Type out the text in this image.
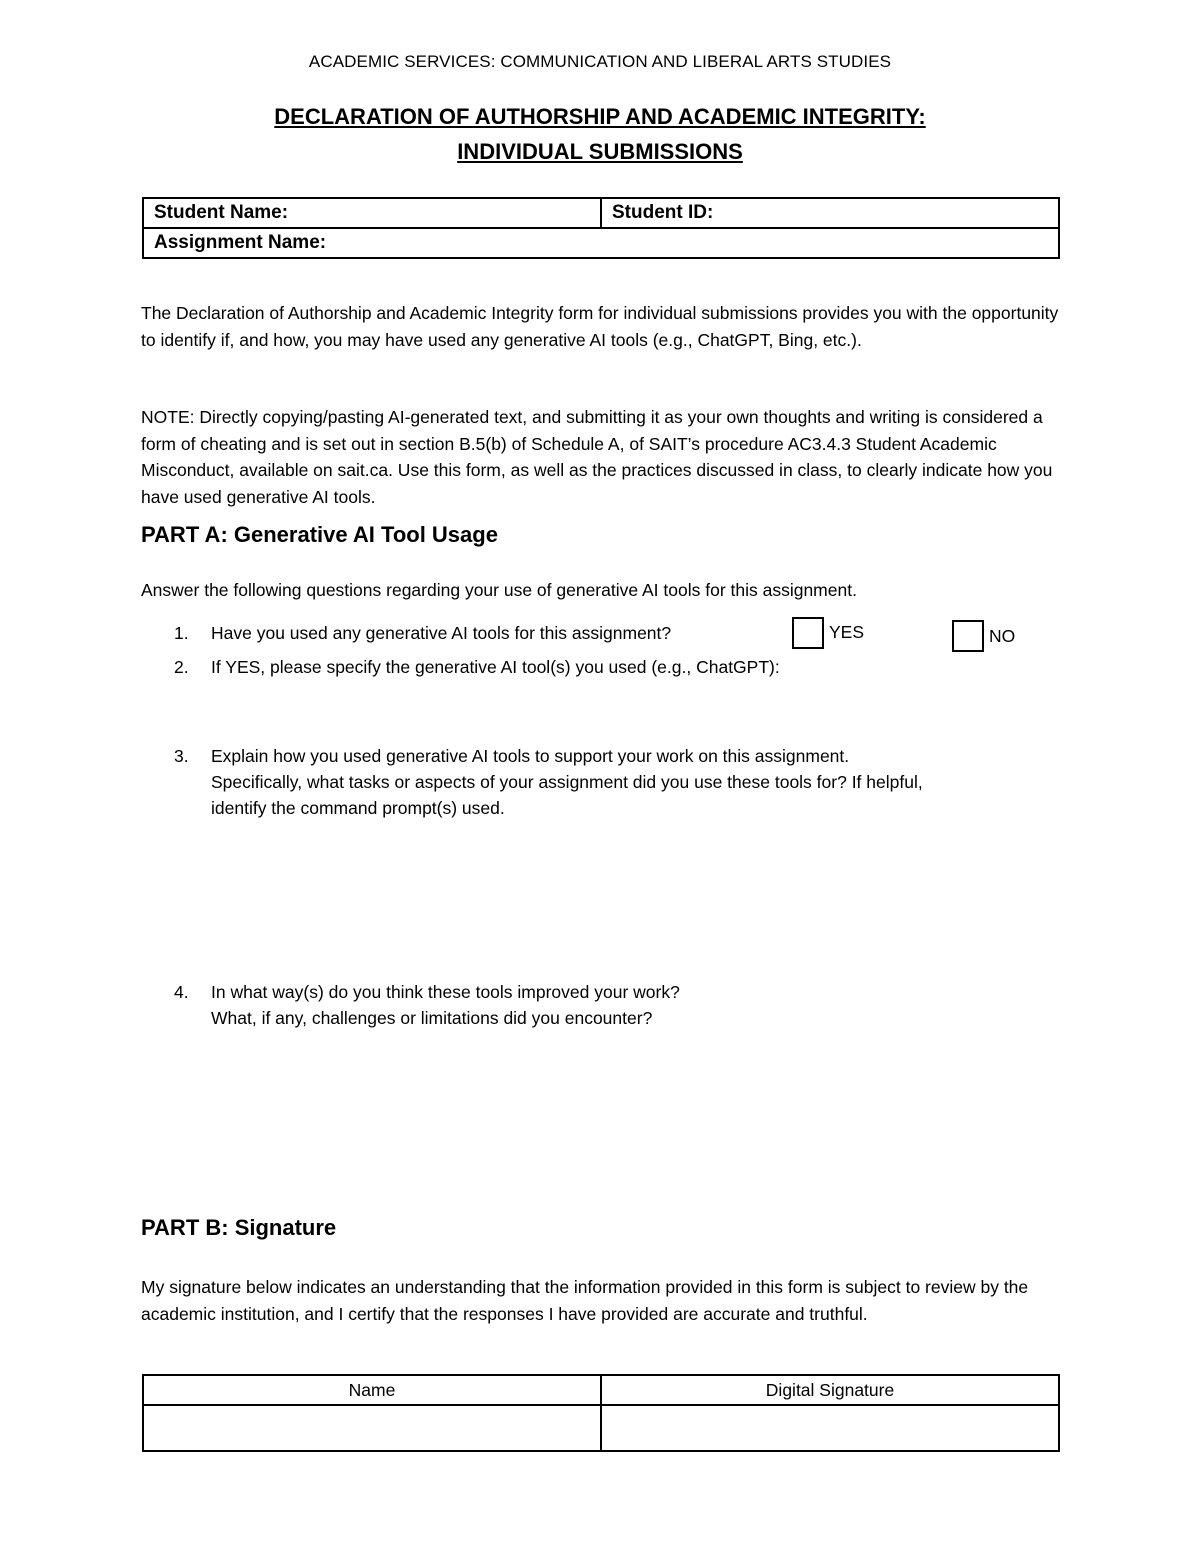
ACADEMIC SERVICES: COMMUNICATION AND LIBERAL ARTS STUDIES
DECLARATION OF AUTHORSHIP AND ACADEMIC INTEGRITY:
INDIVIDUAL SUBMISSIONS
Student Name:	Student ID:
Assignment Name:
The Declaration of Authorship and Academic Integrity form for individual submissions provides you with the opportunity to identify if, and how, you may have used any generative AI tools (e.g., ChatGPT, Bing, etc.).
NOTE: Directly copying/pasting AI-generated text, and submitting it as your own thoughts and writing is considered a form of cheating and is set out in section B.5(b) of Schedule A, of SAIT’s procedure AC3.4.3 Student Academic Misconduct, available on sait.ca. Use this form, as well as the practices discussed in class, to clearly indicate how you have used generative AI tools.
PART A: Generative AI Tool Usage
Answer the following questions regarding your use of generative AI tools for this assignment.
1.	Have you used any generative AI tools for this assignment?	YES	NO
2.	If YES, please specify the generative AI tool(s) you used (e.g., ChatGPT):
3.	Explain how you used generative AI tools to support your work on this assignment.
Specifically, what tasks or aspects of your assignment did you use these tools for? If helpful,
identify the command prompt(s) used.
4.	In what way(s) do you think these tools improved your work?
What, if any, challenges or limitations did you encounter?
PART B: Signature
My signature below indicates an understanding that the information provided in this form is subject to review by the academic institution, and I certify that the responses I have provided are accurate and truthful.
Name	Digital Signature
